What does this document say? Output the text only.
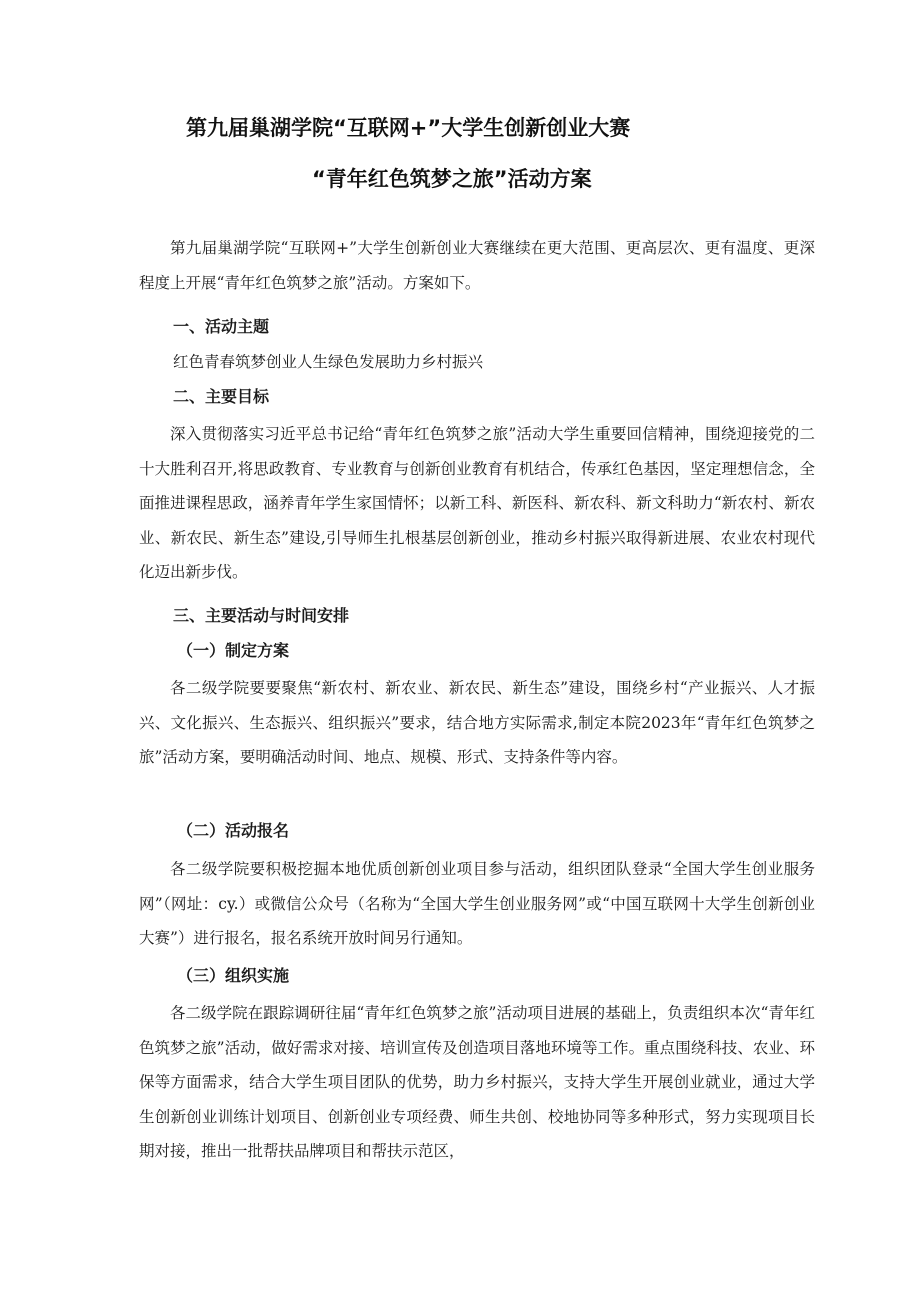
第九届巢湖学院“互联网+”大学生创新创业大赛
“青年红色筑梦之旅”活动方案

第九届巢湖学院“互联网+”大学生创新创业大赛继续在更大范围、更高层次、更有温度、更深程度上开展“青年红色筑梦之旅”活动。方案如下。

一、活动主题

红色青春筑梦创业人生绿色发展助力乡村振兴

二、主要目标

深入贯彻落实习近平总书记给“青年红色筑梦之旅”活动大学生重要回信精神，围绕迎接党的二十大胜利召开,将思政教育、专业教育与创新创业教育有机结合，传承红色基因，坚定理想信念，全面推进课程思政，涵养青年学生家国情怀；以新工科、新医科、新农科、新文科助力“新农村、新农业、新农民、新生态”建设,引导师生扎根基层创新创业，推动乡村振兴取得新进展、农业农村现代化迈出新步伐。

三、主要活动与时间安排
（一）制定方案

各二级学院要要聚焦“新农村、新农业、新农民、新生态”建设，围绕乡村“产业振兴、人才振兴、文化振兴、生态振兴、组织振兴”要求，结合地方实际需求,制定本院2023年“青年红色筑梦之旅”活动方案，要明确活动时间、地点、规模、形式、支持条件等内容。

（二）活动报名

各二级学院要积极挖掘本地优质创新创业项目参与活动，组织团队登录“全国大学生创业服务网”（网址：cy.）或微信公众号（名称为“全国大学生创业服务网”或“中国互联网十大学生创新创业大赛”）进行报名，报名系统开放时间另行通知。

（三）组织实施

各二级学院在跟踪调研往届“青年红色筑梦之旅”活动项目进展的基础上，负责组织本次“青年红色筑梦之旅”活动，做好需求对接、培训宣传及创造项目落地环境等工作。重点围绕科技、农业、环保等方面需求，结合大学生项目团队的优势，助力乡村振兴，支持大学生开展创业就业，通过大学生创新创业训练计划项目、创新创业专项经费、师生共创、校地协同等多种形式，努力实现项目长期对接，推出一批帮扶品牌项目和帮扶示范区，
